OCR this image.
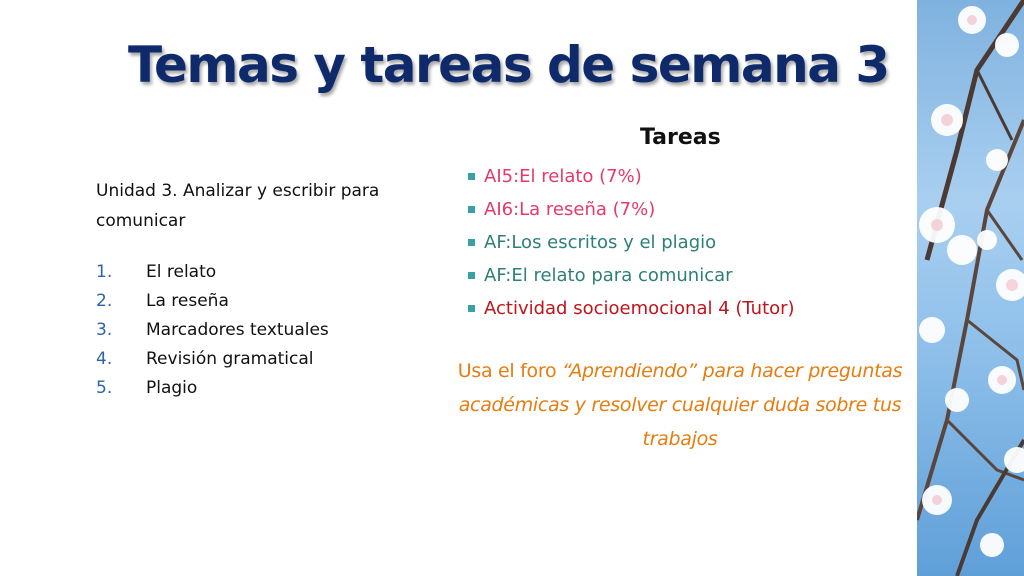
Temas y tareas de semana 3
Unidad 3. Analizar y escribir para comunicar
1.	El relato
2.	La reseña
3.	Marcadores textuales
4.	Revisión gramatical
5.	Plagio
Tareas
AI5: El relato (7%)
AI6: La reseña (7%)
AF: Los escritos y el plagio
AF: El relato para comunicar
Actividad socioemocional 4 (Tutor)
Usa el foro “Aprendiendo” para hacer preguntas académicas y resolver cualquier duda sobre tus trabajos
